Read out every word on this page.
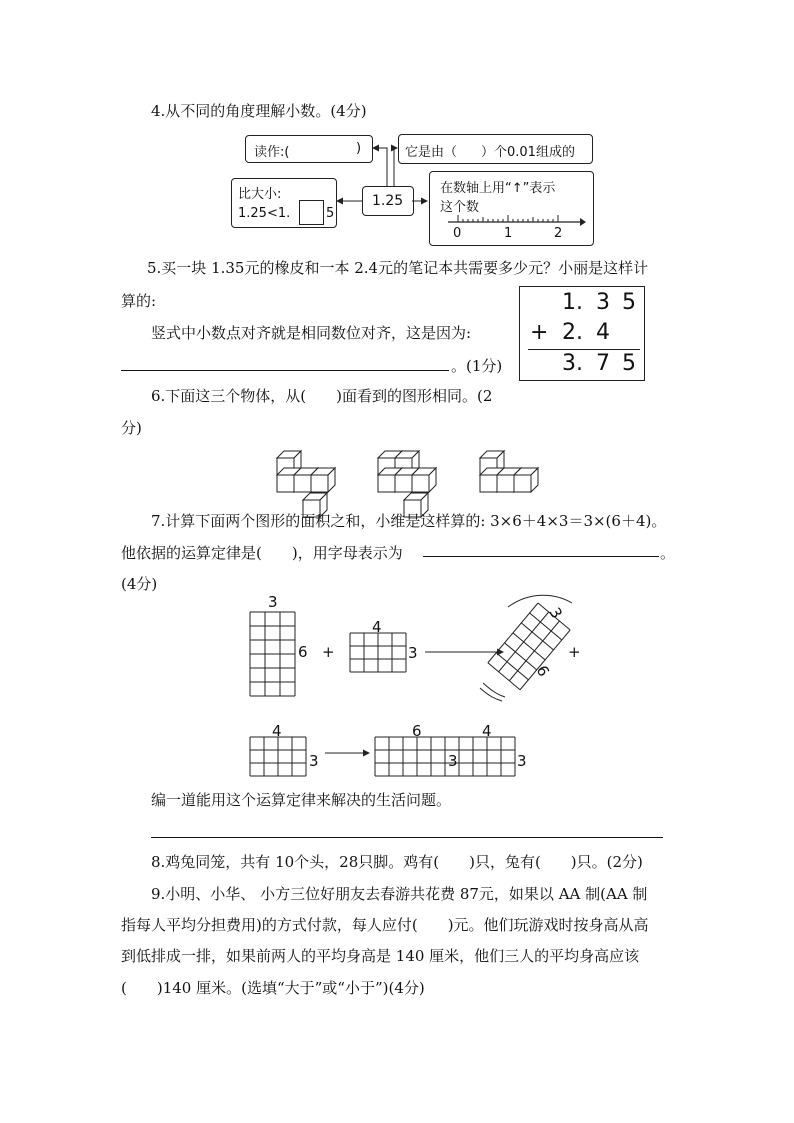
4.从不同的角度理解小数。(4分)
读作:(	)	它是由（ ）个0.01组成的
比大小:
1.25<1.	5
1.25
在数轴上用“↑”表示
这个数
0	1	2
5.买一块 1.35元的橡皮和一本 2.4元的笔记本共需要多少元？小丽是这样计
算的:
竖式中小数点对齐就是相同数位对齐，这是因为:
。(1分)
1. 3 5
+ 2. 4
3. 7 5
6.下面这三个物体，从(　　)面看到的图形相同。(2
分)
7.计算下面两个图形的面积之和，小维是这样算的: 3×6＋4×3＝3×(6＋4)。
他依据的运算定律是(　　)，用字母表示为	。
(4分)
3
6 +
4
3
3
6
+
4
3
6	4
3	3
编一道能用这个运算定律来解决的生活问题。
8.鸡兔同笼，共有 10个头，28只脚。鸡有(　　)只，兔有(　　)只。(2分)
9.小明、小华、 小方三位好朋友去春游共花费 87元，如果以 AA 制(AA 制
指每人平均分担费用)的方式付款，每人应付(　　)元。他们玩游戏时按身高从高
到低排成一排，如果前两人的平均身高是 140 厘米，他们三人的平均身高应该
(　　)140 厘米。(选填“大于”或“小于”)(4分)
